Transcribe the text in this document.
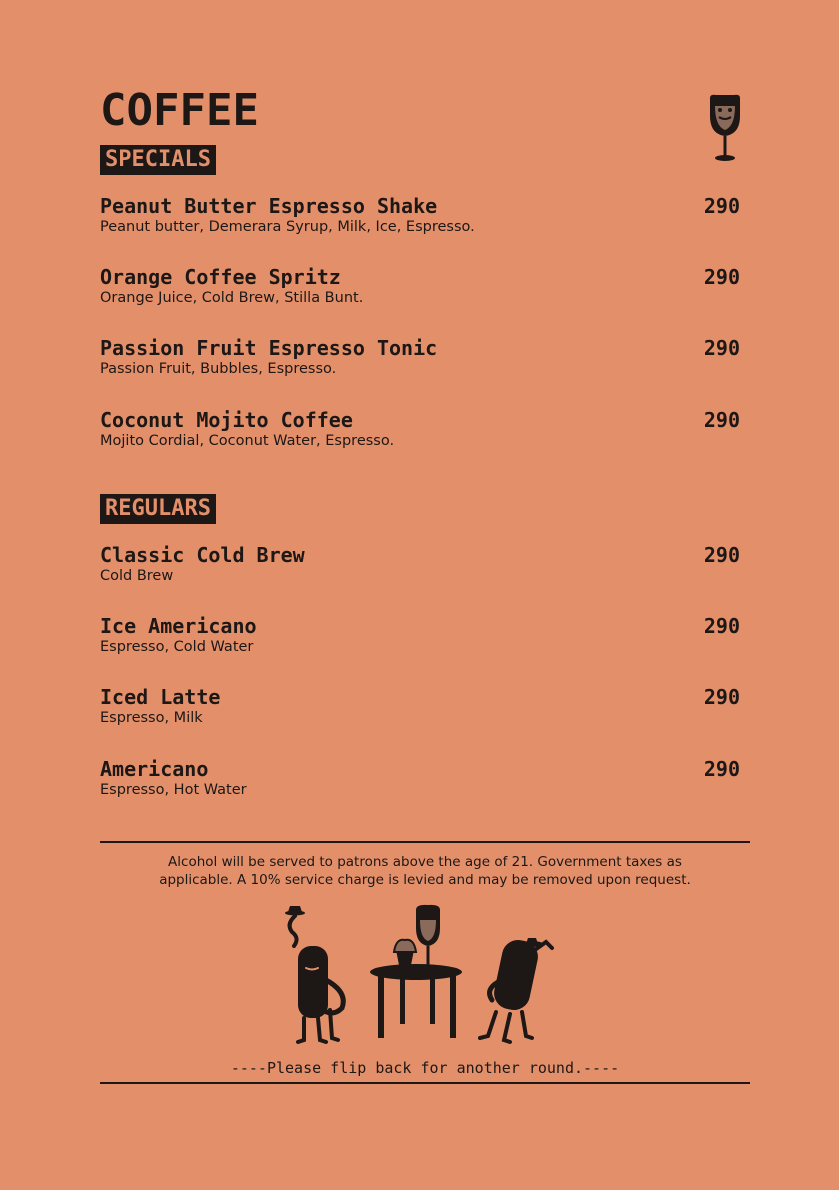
COFFEE
SPECIALS
Peanut Butter Espresso Shake	290
Peanut butter, Demerara Syrup, Milk, Ice, Espresso.
Orange Coffee Spritz	290
Orange Juice, Cold Brew, Stilla Bunt.
Passion Fruit Espresso Tonic	290
Passion Fruit, Bubbles, Espresso.
Coconut Mojito Coffee	290
Mojito Cordial, Coconut Water, Espresso.
REGULARS
Classic Cold Brew	290
Cold Brew
Ice Americano	290
Espresso, Cold Water
Iced Latte	290
Espresso, Milk
Americano	290
Espresso, Hot Water
Alcohol will be served to patrons above the age of 21. Government taxes as
applicable. A 10% service charge is levied and may be removed upon request.
----Please flip back for another round.----
